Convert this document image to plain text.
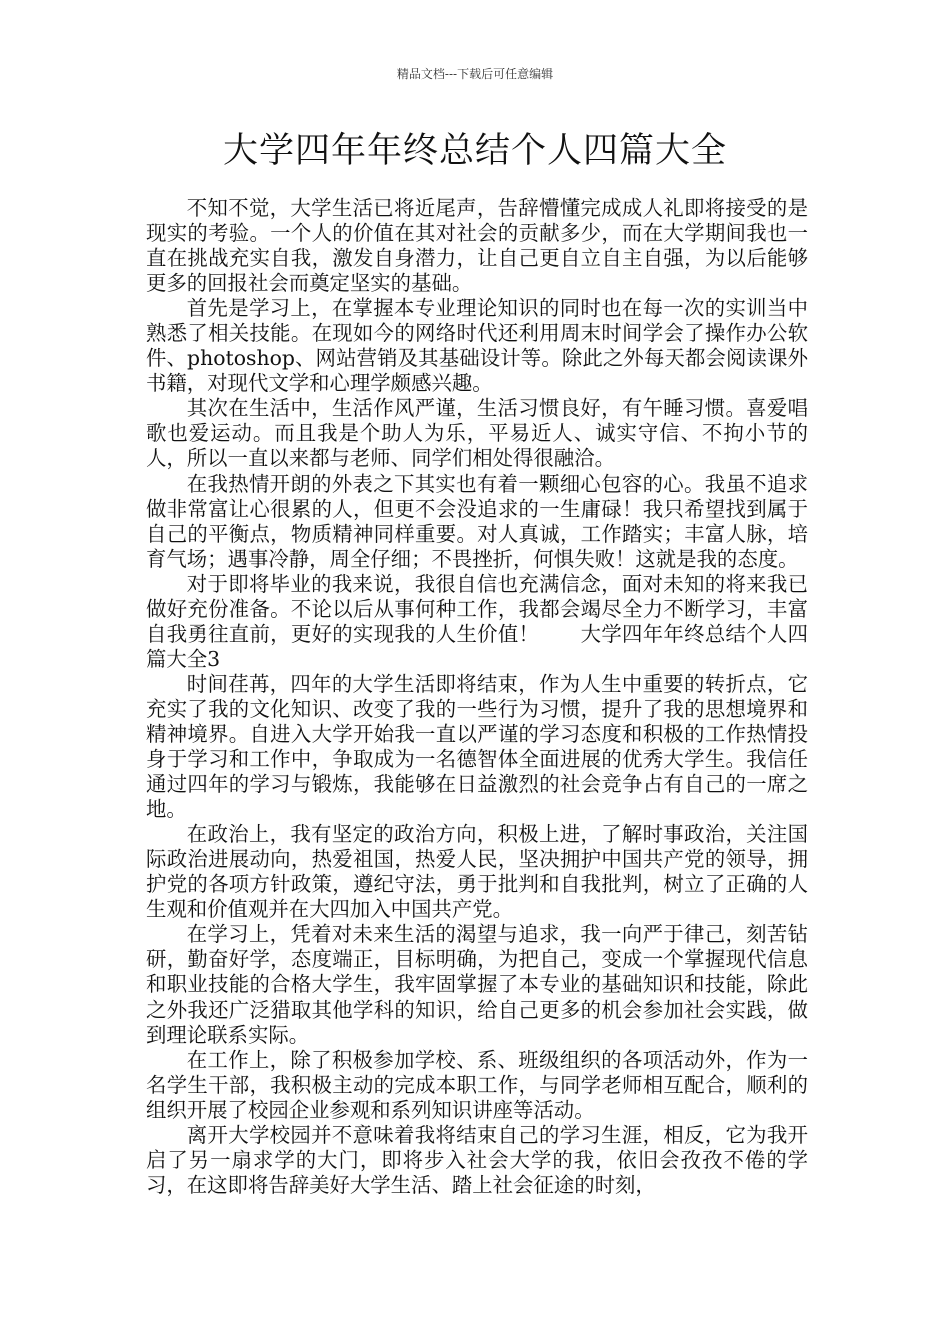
精品文档---下载后可任意编辑
大学四年年终总结个人四篇大全

不知不觉，大学生活已将近尾声，告辞懵懂完成成人礼即将接受的是现实的考验。一个人的价值在其对社会的贡献多少，而在大学期间我也一直在挑战充实自我，激发自身潜力，让自己更自立自主自强，为以后能够更多的回报社会而奠定坚实的基础。

首先是学习上，在掌握本专业理论知识的同时也在每一次的实训当中熟悉了相关技能。在现如今的网络时代还利用周末时间学会了操作办公软件、photoshop、网站营销及其基础设计等。除此之外每天都会阅读课外书籍，对现代文学和心理学颇感兴趣。

其次在生活中，生活作风严谨，生活习惯良好，有午睡习惯。喜爱唱歌也爱运动。而且我是个助人为乐，平易近人、诚实守信、不拘小节的人，所以一直以来都与老师、同学们相处得很融洽。

在我热情开朗的外表之下其实也有着一颗细心包容的心。我虽不追求做非常富让心很累的人，但更不会没追求的一生庸碌！我只希望找到属于自己的平衡点，物质精神同样重要。对人真诚，工作踏实；丰富人脉，培育气场；遇事冷静，周全仔细；不畏挫折，何惧失败！这就是我的态度。

对于即将毕业的我来说，我很自信也充满信念，面对未知的将来我已做好充份准备。不论以后从事何种工作，我都会竭尽全力不断学习，丰富自我勇往直前，更好的实现我的人生价值！　　大学四年年终总结个人四篇大全3

时间荏苒，四年的大学生活即将结束，作为人生中重要的转折点，它充实了我的文化知识、改变了我的一些行为习惯，提升了我的思想境界和精神境界。自进入大学开始我一直以严谨的学习态度和积极的工作热情投身于学习和工作中，争取成为一名德智体全面进展的优秀大学生。我信任通过四年的学习与锻炼，我能够在日益激烈的社会竞争占有自己的一席之地。

在政治上，我有坚定的政治方向，积极上进，了解时事政治，关注国际政治进展动向，热爱祖国，热爱人民，坚决拥护中国共产党的领导，拥护党的各项方针政策，遵纪守法，勇于批判和自我批判，树立了正确的人生观和价值观并在大四加入中国共产党。

在学习上，凭着对未来生活的渴望与追求，我一向严于律己，刻苦钻研，勤奋好学，态度端正，目标明确，为把自己，变成一个掌握现代信息和职业技能的合格大学生，我牢固掌握了本专业的基础知识和技能，除此之外我还广泛猎取其他学科的知识，给自己更多的机会参加社会实践，做到理论联系实际。

在工作上，除了积极参加学校、系、班级组织的各项活动外，作为一名学生干部，我积极主动的完成本职工作，与同学老师相互配合，顺利的组织开展了校园企业参观和系列知识讲座等活动。

离开大学校园并不意味着我将结束自己的学习生涯，相反，它为我开启了另一扇求学的大门，即将步入社会大学的我，依旧会孜孜不倦的学习，在这即将告辞美好大学生活、踏上社会征途的时刻，
